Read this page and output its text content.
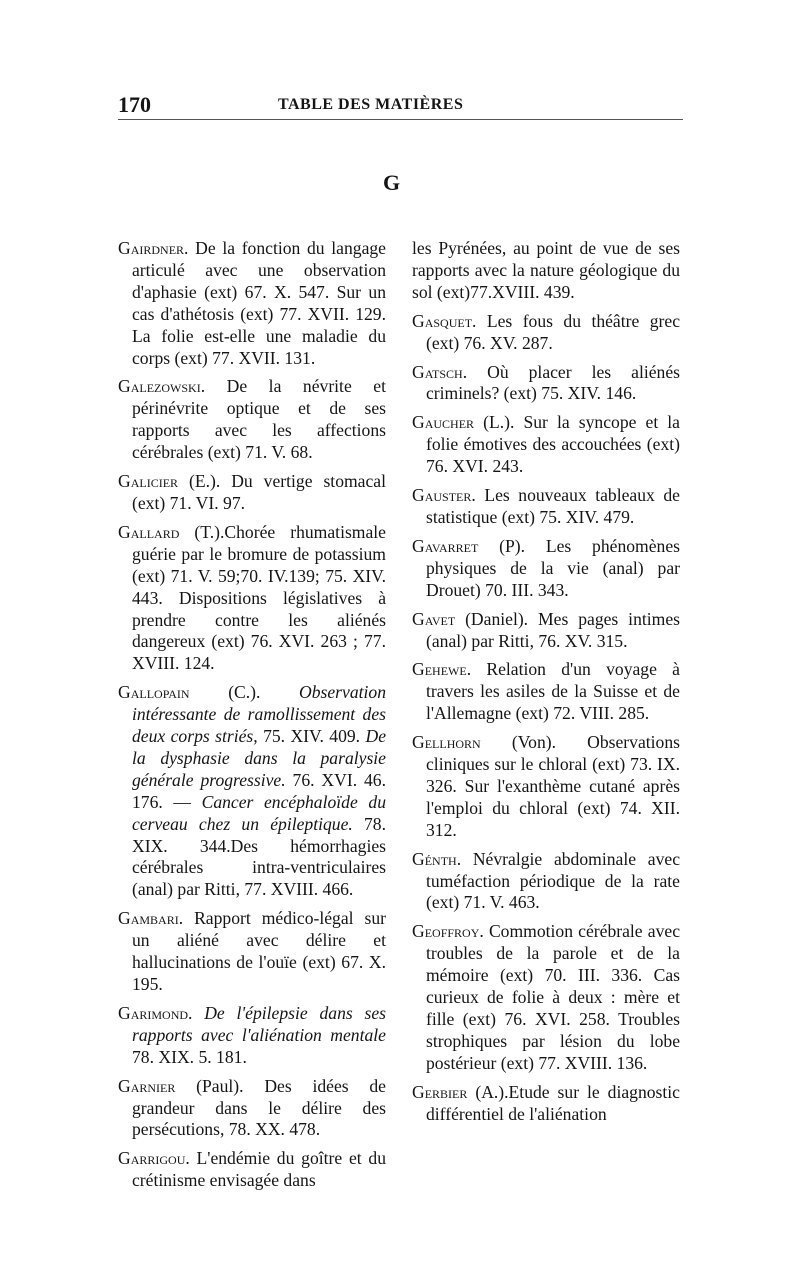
170	TABLE DES MATIÈRES
G

Gairdner. De la fonction du langage articulé avec une observation d'aphasie (ext) 67. X. 547. Sur un cas d'athétosis (ext) 77. XVII. 129. La folie est-elle une maladie du corps (ext) 77. XVII. 131.

Galezowski. De la névrite et périnévrite optique et de ses rapports avec les affections cérébrales (ext) 71. V. 68.

Galicier (E.). Du vertige stomacal (ext) 71. VI. 97.

Gallard (T.).Chorée rhumatismale guérie par le bromure de potassium (ext) 71. V. 59;70. IV.139; 75. XIV. 443. Dispositions législatives à prendre contre les aliénés dangereux (ext) 76. XVI. 263 ; 77. XVIII. 124.

Gallopain (C.). Observation intéressante de ramollissement des deux corps striés, 75. XIV. 409. De la dysphasie dans la paralysie générale progressive. 76. XVI. 46. 176. — Cancer encéphaloïde du cerveau chez un épileptique. 78. XIX. 344.Des hémorrhagies cérébrales intra-ventriculaires (anal) par Ritti, 77. XVIII. 466.

Gambari. Rapport médico-légal sur un aliéné avec délire et hallucinations de l'ouïe (ext) 67. X. 195.

Garimond. De l'épilepsie dans ses rapports avec l'aliénation mentale 78. XIX. 5. 181.

Garnier (Paul). Des idées de grandeur dans le délire des persécutions, 78. XX. 478.

Garrigou. L'endémie du goître et du crétinisme envisagée dans

les Pyrénées, au point de vue de ses rapports avec la nature géologique du sol (ext)77.XVIII. 439.

Gasquet. Les fous du théâtre grec (ext) 76. XV. 287.

Gatsch. Où placer les aliénés criminels? (ext) 75. XIV. 146.

Gaucher (L.). Sur la syncope et la folie émotives des accouchées (ext) 76. XVI. 243.

Gauster. Les nouveaux tableaux de statistique (ext) 75. XIV. 479.

Gavarret (P). Les phénomènes physiques de la vie (anal) par Drouet) 70. III. 343.

Gavet (Daniel). Mes pages intimes (anal) par Ritti, 76. XV. 315.

Gehewe. Relation d'un voyage à travers les asiles de la Suisse et de l'Allemagne (ext) 72. VIII. 285.

Gellhorn (Von). Observations cliniques sur le chloral (ext) 73. IX. 326. Sur l'exanthème cutané après l'emploi du chloral (ext) 74. XII. 312.

Génth. Névralgie abdominale avec tuméfaction périodique de la rate (ext) 71. V. 463.

Geoffroy. Commotion cérébrale avec troubles de la parole et de la mémoire (ext) 70. III. 336. Cas curieux de folie à deux : mère et fille (ext) 76. XVI. 258. Troubles strophiques par lésion du lobe postérieur (ext) 77. XVIII. 136.

Gerbier (A.).Etude sur le diagnostic différentiel de l'aliénation
